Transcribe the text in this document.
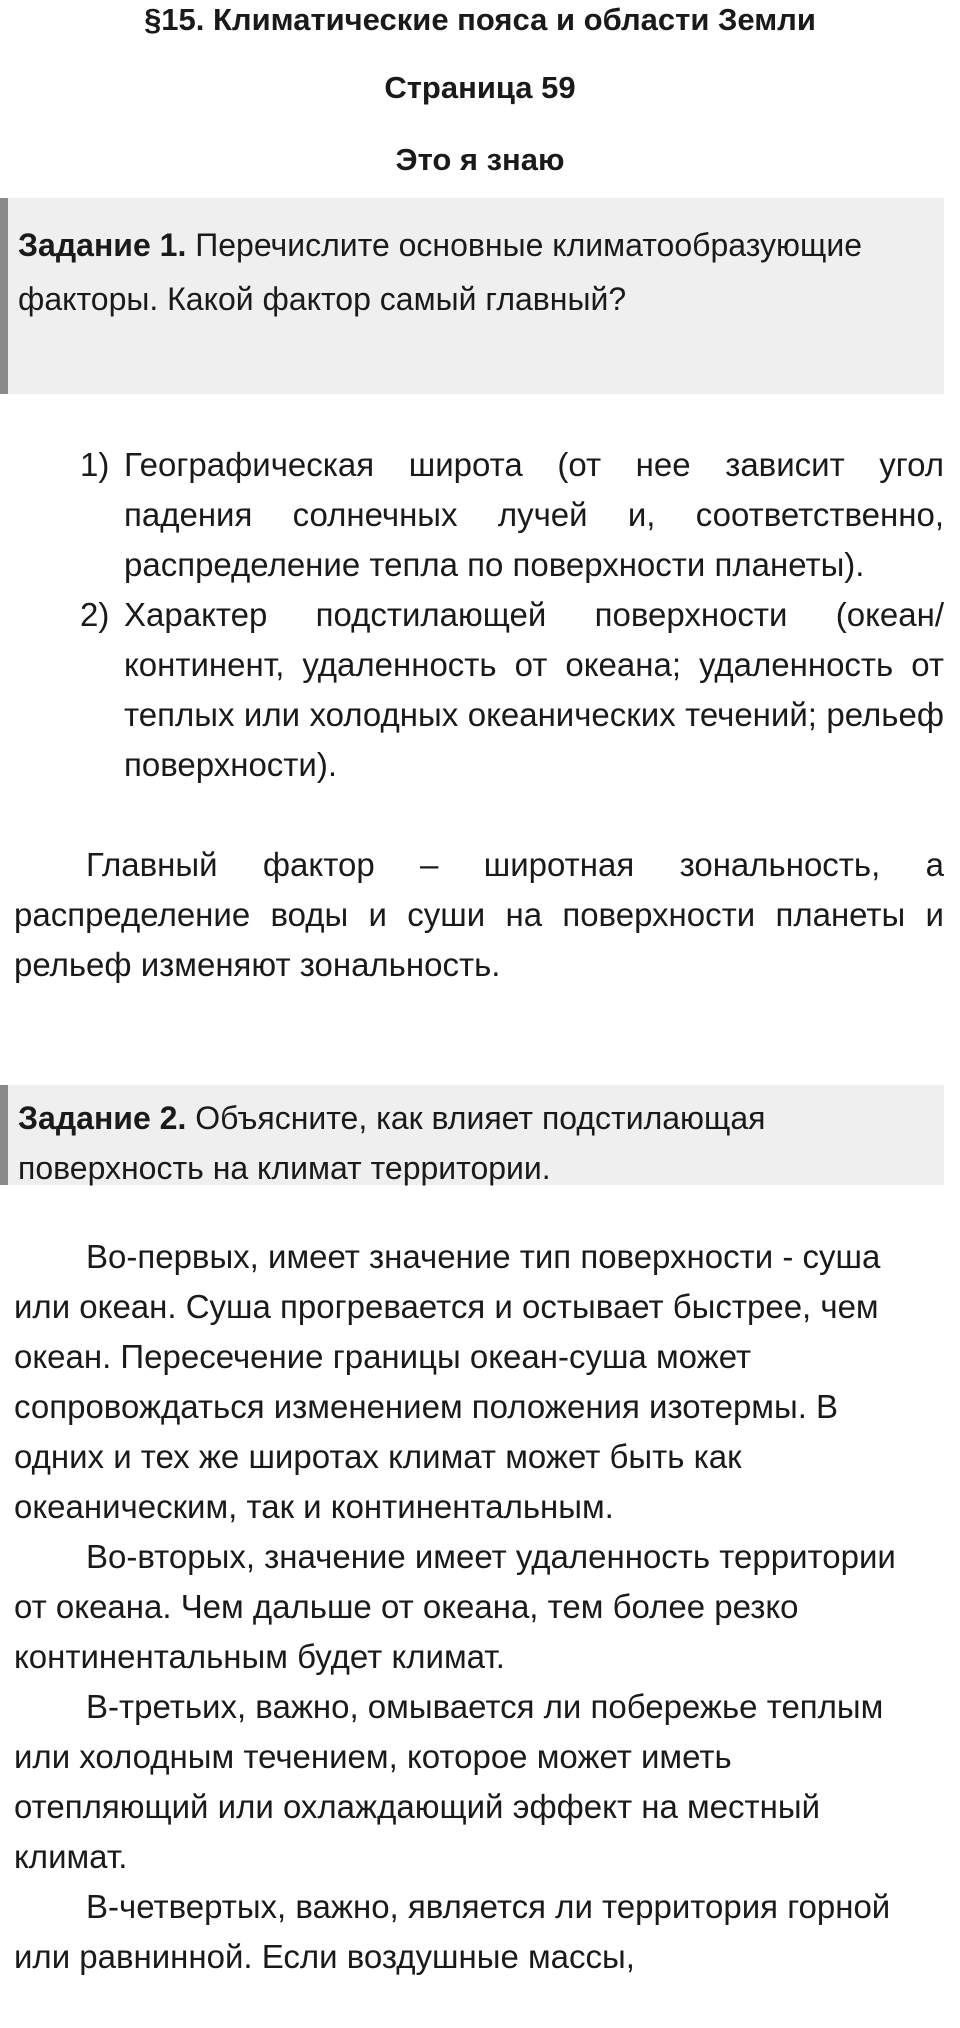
§15. Климатические пояса и области Земли
Страница 59
Это я знаю
Задание 1. Перечислите основные климатообразующие факторы. Какой фактор самый главный?
1) Географическая широта (от нее зависит угол падения солнечных лучей и, соответственно, распределение тепла по поверхности планеты).
2) Характер подстилающей поверхности (океан/континент, удаленность от океана; удаленность от теплых или холодных океанических течений; рельеф поверхности).

Главный фактор – широтная зональность, а распределение воды и суши на поверхности планеты и рельеф изменяют зональность.

Задание 2. Объясните, как влияет подстилающая поверхность на климат территории.

Во-первых, имеет значение тип поверхности - суша или океан. Суша прогревается и остывает быстрее, чем океан. Пересечение границы океан-суша может сопровождаться изменением положения изотермы. В одних и тех же широтах климат может быть как океаническим, так и континентальным.

Во-вторых, значение имеет удаленность территории от океана. Чем дальше от океана, тем более резко континентальным будет климат.

В-третьих, важно, омывается ли побережье теплым или холодным течением, которое может иметь отепляющий или охлаждающий эффект на местный климат.

В-четвертых, важно, является ли территория горной или равнинной. Если воздушные массы,
